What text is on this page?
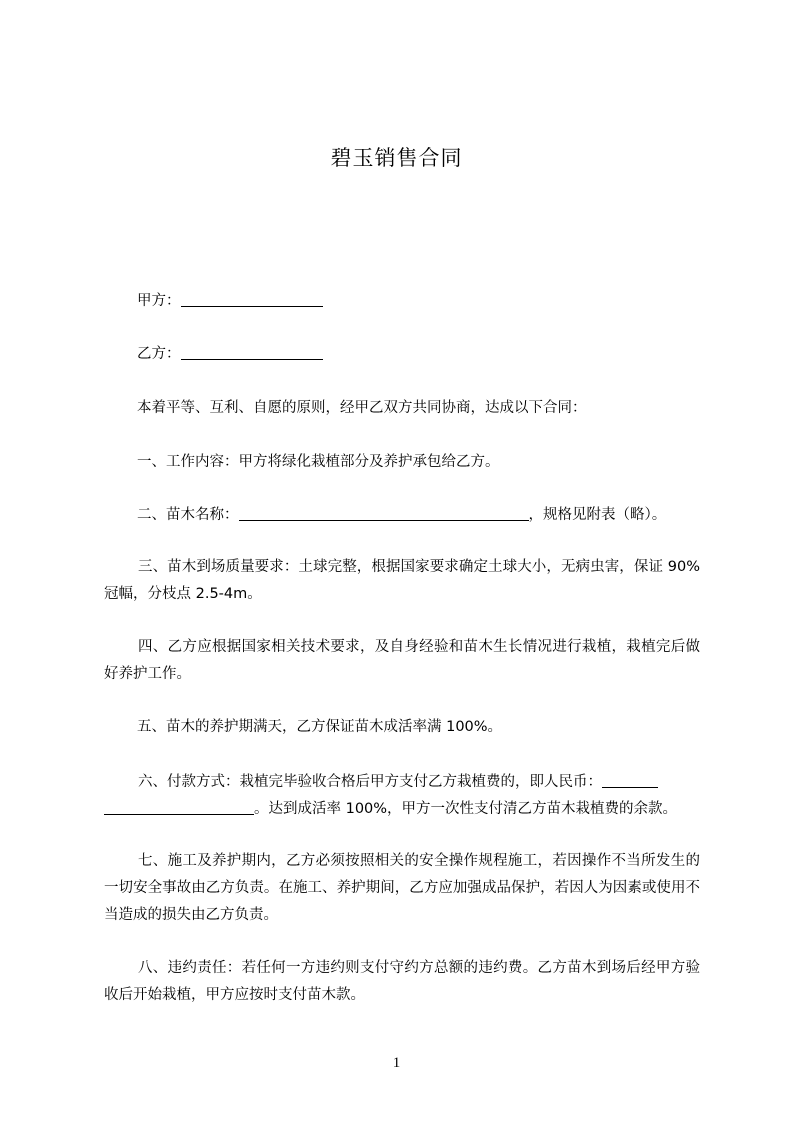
碧玉销售合同
甲方：
乙方：
本着平等、互利、自愿的原则，经甲乙双方共同协商，达成以下合同：
一、工作内容：甲方将绿化栽植部分及养护承包给乙方。
二、苗木名称：	，规格见附表（略）。
三、苗木到场质量要求：土球完整，根据国家要求确定土球大小，无病虫害，保证 90%冠幅，分枝点 2.5-4m。
四、乙方应根据国家相关技术要求，及自身经验和苗木生长情况进行栽植，栽植完后做好养护工作。
五、苗木的养护期满天，乙方保证苗木成活率满 100%。
六、付款方式：栽植完毕验收合格后甲方支付乙方栽植费的，即人民币：
。达到成活率 100%，甲方一次性支付清乙方苗木栽植费的余款。
七、施工及养护期内，乙方必须按照相关的安全操作规程施工，若因操作不当所发生的一切安全事故由乙方负责。在施工、养护期间，乙方应加强成品保护，若因人为因素或使用不当造成的损失由乙方负责。
八、违约责任：若任何一方违约则支付守约方总额的违约费。乙方苗木到场后经甲方验收后开始栽植，甲方应按时支付苗木款。
1
